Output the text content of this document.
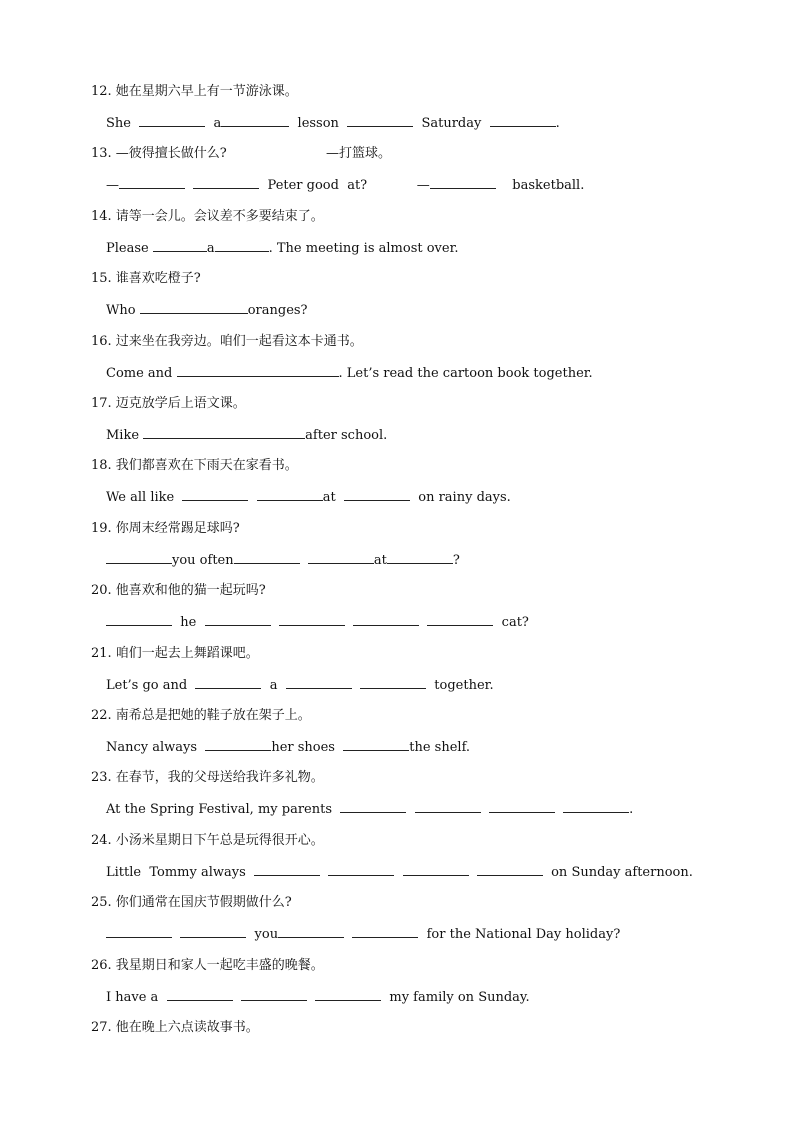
12. 她在星期六早上有一节游泳课。
She	a	lesson	Saturday	.
13. —彼得擅长做什么?                        —打篮球。
—	Peter good  at?            —	basketball.
14. 请等一会儿。会议差不多要结束了。
Please	a	. The meeting is almost over.
15. 谁喜欢吃橙子?
Who	oranges?
16. 过来坐在我旁边。咱们一起看这本卡通书。
Come and	. Let’s read the cartoon book together.
17. 迈克放学后上语文课。
Mike	after school.
18. 我们都喜欢在下雨天在家看书。
We all like	at	on rainy days.
19. 你周末经常踢足球吗?
you often	at	?
20. 他喜欢和他的猫一起玩吗?
he	cat?
21. 咱们一起去上舞蹈课吧。
Let’s go and	a	together.
22. 南希总是把她的鞋子放在架子上。
Nancy always	her shoes	the shelf.
23. 在春节，我的父母送给我许多礼物。
At the Spring Festival, my parents	.
24. 小汤米星期日下午总是玩得很开心。
Little  Tommy always	on Sunday afternoon.
25. 你们通常在国庆节假期做什么?
you	for the National Day holiday?
26. 我星期日和家人一起吃丰盛的晚餐。
I have a	my family on Sunday.
27. 他在晚上六点读故事书。
